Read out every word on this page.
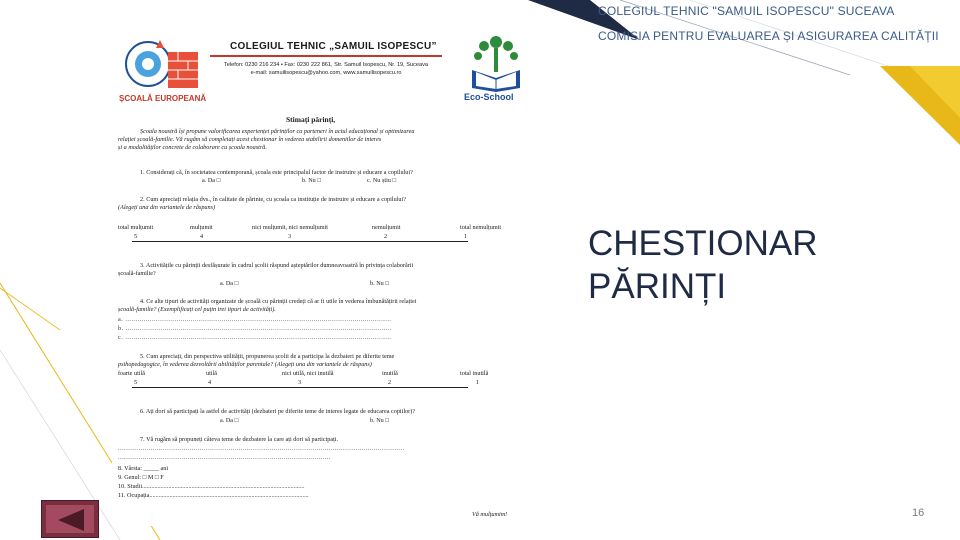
COLEGIUL TEHNIC "SAMUIL ISOPESCU" SUCEAVA
COMISIA PENTRU EVALUAREA ȘI ASIGURAREA CALITĂȚII
ȘCOALĂ EUROPEANĂ
COLEGIUL TEHNIC „SAMUIL ISOPESCU”
Telefon: 0230 216 234 • Fax: 0230 222 861, Str. Samuil Isopescu, Nr. 19, Suceava
e-mail: samuilisopescu@yahoo.com, www.samuilisopescu.ro
Eco-School
Stimați părinți,
Școala noastră își propune valorificarea experienței părinților ca parteneri în actul educațional și optimizarea
relației școală-familie. Vă rugăm să completați acest chestionar în vederea stabilirii domeniilor de interes
și a modalităților concrete de colaborare cu școala noastră.
1. Considerați că, în societatea contemporană, școala este principalul factor de instruire și educare a copilului?
a. Da □	b. Nu □	c. Nu știu □
2. Cum apreciați relația dvs., în calitate de părinte, cu școala ca instituție de instruire și educare a copilului?
(Alegeți una din variantele de răspuns)
total mulțumit	mulțumit	nici mulțumit, nici nemulțumit	nemulțumit	total nemulțumit
5	4	3	2	1
3. Activitățile cu părinții desfășurate în cadrul școlii răspund așteptărilor dumneavoastră în privința colaborării
școală-familie?
a. Da □	b. Nu □
4. Ce alte tipuri de activități organizate de școală cu părinții credeți că ar fi utile în vederea îmbunătățirii relației
școală-familie? (Exemplificați cel puțin trei tipuri de activități).
a. ..................................................................................................................................
b. ..................................................................................................................................
c. ..................................................................................................................................
5. Cum apreciați, din perspectiva utilității, propunerea școlii de a participa la dezbateri pe diferite teme
psihopedagogice, în vederea dezvoltării abilităților parentale? (Alegeți una din variantele de răspuns)
foarte utilă	utilă	nici utilă, nici inutilă	inutilă	total inutilă
5	4	3	2	1
6. Ați dori să participați la astfel de activități (dezbateri pe diferite teme de interes legate de educarea copiilor)?
a. Da □	b. Nu □
7. Vă rugăm să propuneți câteva teme de dezbatere la care ați dori să participați.
............................................................................................................................................
........................................................................................................
8. Vârsta: _____ ani
9. Genul: □ M □ F
10. Studii.........................................................................................................
11. Ocupația.......................................................................................................
Vă mulțumim!
CHESTIONAR
PĂRINȚI
16
